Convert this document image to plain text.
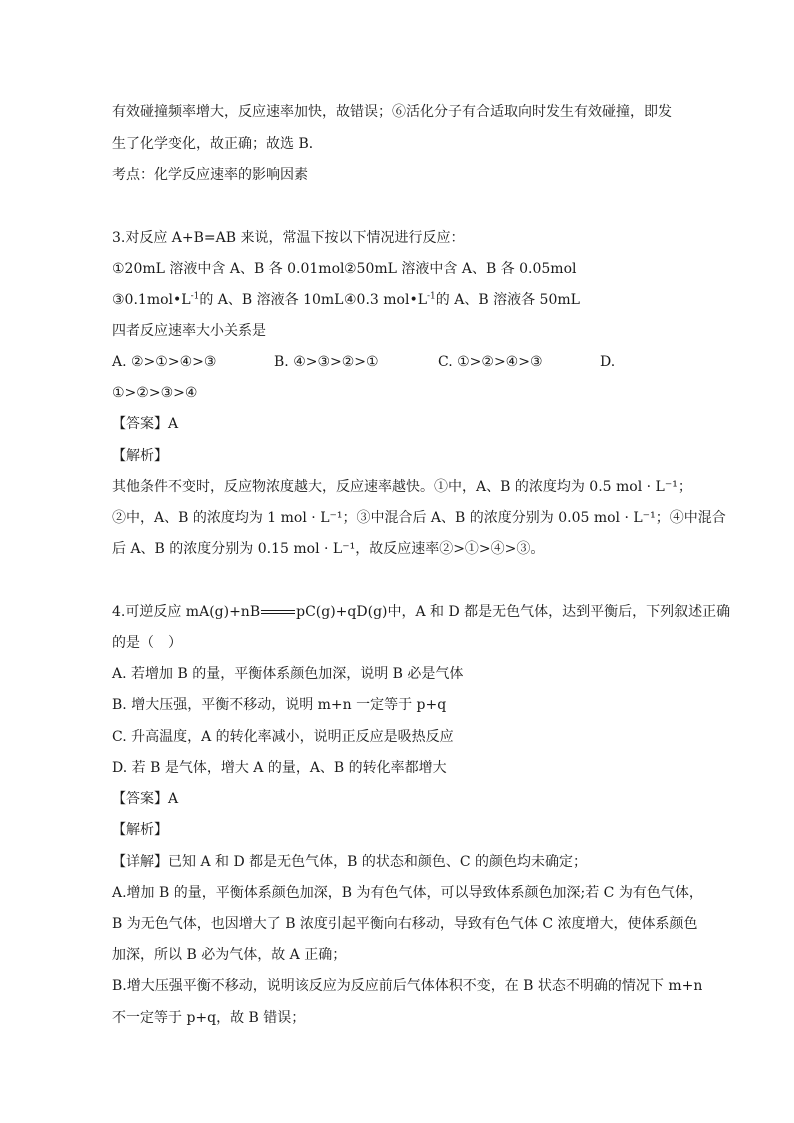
有效碰撞频率增大，反应速率加快，故错误；⑥活化分子有合适取向时发生有效碰撞，即发
生了化学变化，故正确；故选 B．
考点：化学反应速率的影响因素
3.对反应 A+B=AB 来说，常温下按以下情况进行反应：
①20mL 溶液中含 A、B 各 0.01mol ②50mL 溶液中含 A、B 各 0.05mol
$③0.1mol•L^{-1}$的 A、B 溶液各 10mL ④0.3 $mol•L^{-1}$的 A、B 溶液各 50mL
四者反应速率大小关系是
A. ②>①>④>③	B. ④>③>②>①	C. ①>②>④>③	D.
①>②>③>④
【答案】A
【解析】
其他条件不变时，反应物浓度越大，反应速率越快。①中，A、B 的浓度均为 0.5 mol · L⁻¹；
②中，A、B 的浓度均为 1 mol · L⁻¹；③中混合后 A、B 的浓度分别为 0.05 mol · L⁻¹；④中混合
后 A、B 的浓度分别为 0.15 mol · L⁻¹，故反应速率②>①>④>③。
4.可逆反应 mA(g)+nB	pC(g)+qD(g)中，A 和 D 都是无色气体，达到平衡后，下列叙述正确
的是（　）
A. 若增加 B 的量，平衡体系颜色加深，说明 B 必是气体
B. 增大压强，平衡不移动，说明 m+n 一定等于 p+q
C. 升高温度，A 的转化率减小，说明正反应是吸热反应
D. 若 B 是气体，增大 A 的量，A、B 的转化率都增大
【答案】A
【解析】
【详解】已知 A 和 D 都是无色气体，B 的状态和颜色、C 的颜色均未确定；
A.增加 B 的量，平衡体系颜色加深，B 为有色气体，可以导致体系颜色加深;若 C 为有色气体，
B 为无色气体，也因增大了 B 浓度引起平衡向右移动，导致有色气体 C 浓度增大，使体系颜色
加深，所以 B 必为气体，故 A 正确；
B.增大压强平衡不移动，说明该反应为反应前后气体体积不变，在 B 状态不明确的情况下 m+n
不一定等于 p+q，故 B 错误；
